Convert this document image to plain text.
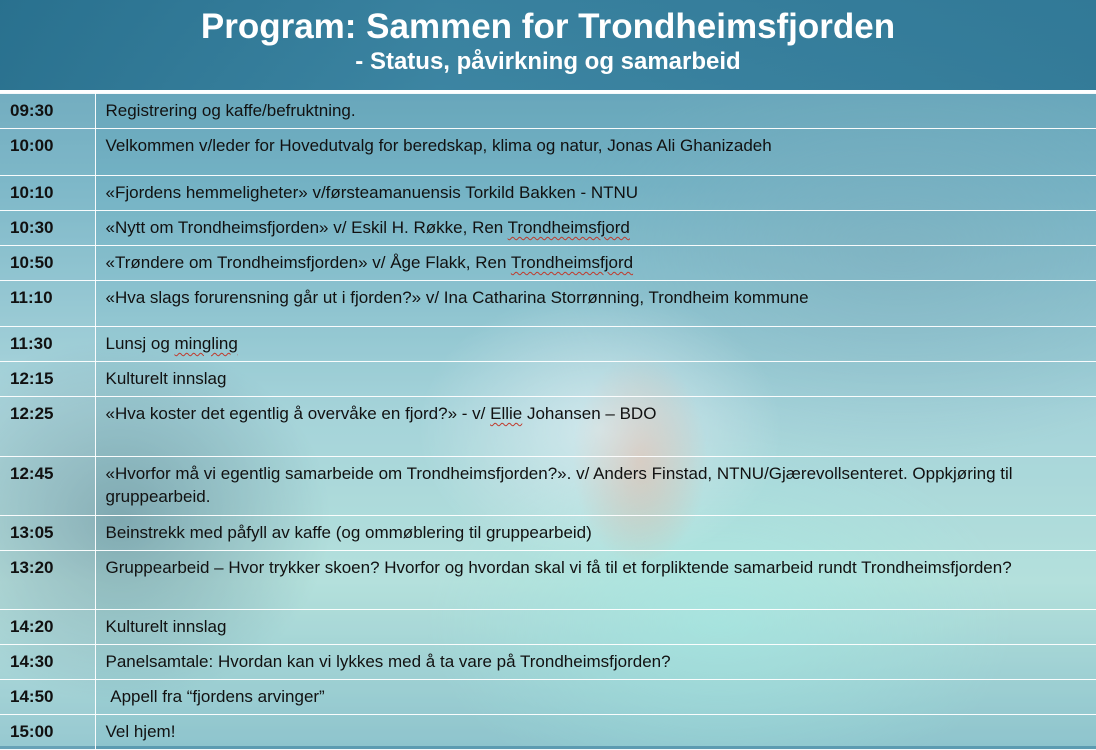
Program: Sammen for Trondheimsfjorden
- Status, påvirkning og samarbeid
09:30	Registrering og kaffe/befruktning.

10:00	Velkommen v/leder for Hovedutvalg for beredskap, klima og natur, Jonas Ali Ghanizadeh

10:10	«Fjordens hemmeligheter» v/førsteamanuensis Torkild Bakken - NTNU

10:30	«Nytt om Trondheimsfjorden» v/ Eskil H. Røkke, Ren Trondheimsfjord

10:50	«Trøndere om Trondheimsfjorden» v/ Åge Flakk, Ren Trondheimsfjord

11:10	«Hva slags forurensning går ut i fjorden?» v/ Ina Catharina Storrønning, Trondheim kommune

11:30	Lunsj og mingling

12:15	Kulturelt innslag

12:25	«Hva koster det egentlig å overvåke en fjord?» - v/ Ellie Johansen – BDO

12:45	«Hvorfor må vi egentlig samarbeide om Trondheimsfjorden?». v/ Anders Finstad, NTNU/Gjærevollsenteret. Oppkjøring til gruppearbeid.

13:05	Beinstrekk med påfyll av kaffe (og ommøblering til gruppearbeid)

13:20	Gruppearbeid – Hvor trykker skoen? Hvorfor og hvordan skal vi få til et forpliktende samarbeid rundt Trondheimsfjorden?

14:20	Kulturelt innslag

14:30	Panelsamtale: Hvordan kan vi lykkes med å ta vare på Trondheimsfjorden?

14:50	Appell fra “fjordens arvinger”

15:00	Vel hjem!
